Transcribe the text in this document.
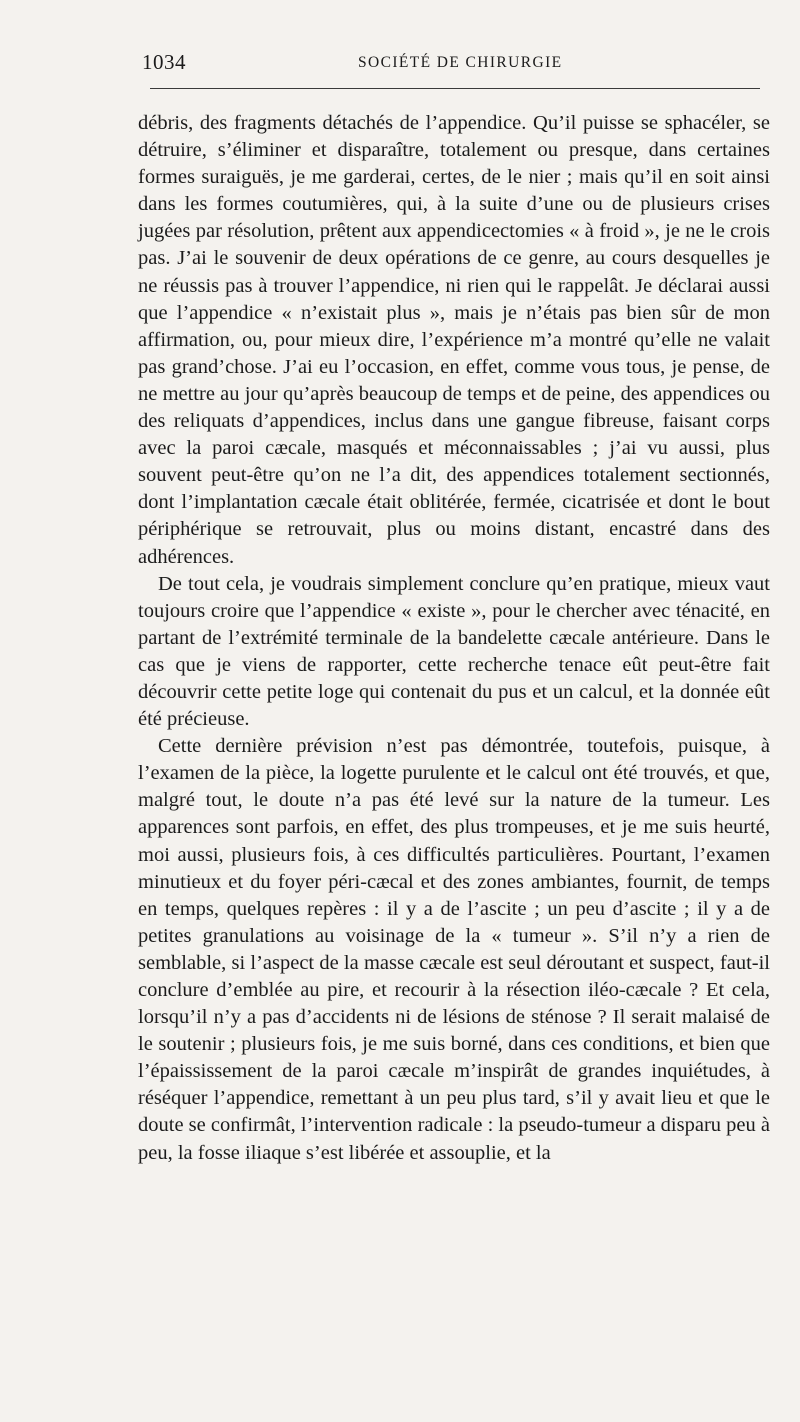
1034	SOCIÉTÉ DE CHIRURGIE

débris, des fragments détachés de l’appendice. Qu’il puisse se sphacéler, se détruire, s’éliminer et disparaître, totalement ou presque, dans certaines formes suraiguës, je me garderai, certes, de le nier ; mais qu’il en soit ainsi dans les formes coutumières, qui, à la suite d’une ou de plusieurs crises jugées par résolution, prêtent aux appendicectomies « à froid », je ne le crois pas. J’ai le souvenir de deux opérations de ce genre, au cours desquelles je ne réussis pas à trouver l’appendice, ni rien qui le rappelât. Je déclarai aussi que l’appendice « n’existait plus », mais je n’étais pas bien sûr de mon affirmation, ou, pour mieux dire, l’expérience m’a montré qu’elle ne valait pas grand’chose. J’ai eu l’occasion, en effet, comme vous tous, je pense, de ne mettre au jour qu’après beaucoup de temps et de peine, des appendices ou des reliquats d’appendices, inclus dans une gangue fibreuse, faisant corps avec la paroi cæcale, masqués et méconnaissables ; j’ai vu aussi, plus souvent peut-être qu’on ne l’a dit, des appendices totalement sectionnés, dont l’implantation cæcale était oblitérée, fermée, cicatrisée et dont le bout périphérique se retrouvait, plus ou moins distant, encastré dans des adhérences.

De tout cela, je voudrais simplement conclure qu’en pratique, mieux vaut toujours croire que l’appendice « existe », pour le chercher avec ténacité, en partant de l’extrémité terminale de la bandelette cæcale antérieure. Dans le cas que je viens de rapporter, cette recherche tenace eût peut-être fait découvrir cette petite loge qui contenait du pus et un calcul, et la donnée eût été précieuse.

Cette dernière prévision n’est pas démontrée, toutefois, puisque, à l’examen de la pièce, la logette purulente et le calcul ont été trouvés, et que, malgré tout, le doute n’a pas été levé sur la nature de la tumeur. Les apparences sont parfois, en effet, des plus trompeuses, et je me suis heurté, moi aussi, plusieurs fois, à ces difficultés particulières. Pourtant, l’examen minutieux et du foyer péri-cæcal et des zones ambiantes, fournit, de temps en temps, quelques repères : il y a de l’ascite ; un peu d’ascite ; il y a de petites granulations au voisinage de la « tumeur ». S’il n’y a rien de semblable, si l’aspect de la masse cæcale est seul déroutant et suspect, faut-il conclure d’emblée au pire, et recourir à la résection iléo-cæcale ? Et cela, lorsqu’il n’y a pas d’accidents ni de lésions de sténose ? Il serait malaisé de le soutenir ; plusieurs fois, je me suis borné, dans ces conditions, et bien que l’épaississement de la paroi cæcale m’inspirât de grandes inquiétudes, à réséquer l’appendice, remettant à un peu plus tard, s’il y avait lieu et que le doute se confirmât, l’intervention radicale : la pseudo-tumeur a disparu peu à peu, la fosse iliaque s’est libérée et assouplie, et la
